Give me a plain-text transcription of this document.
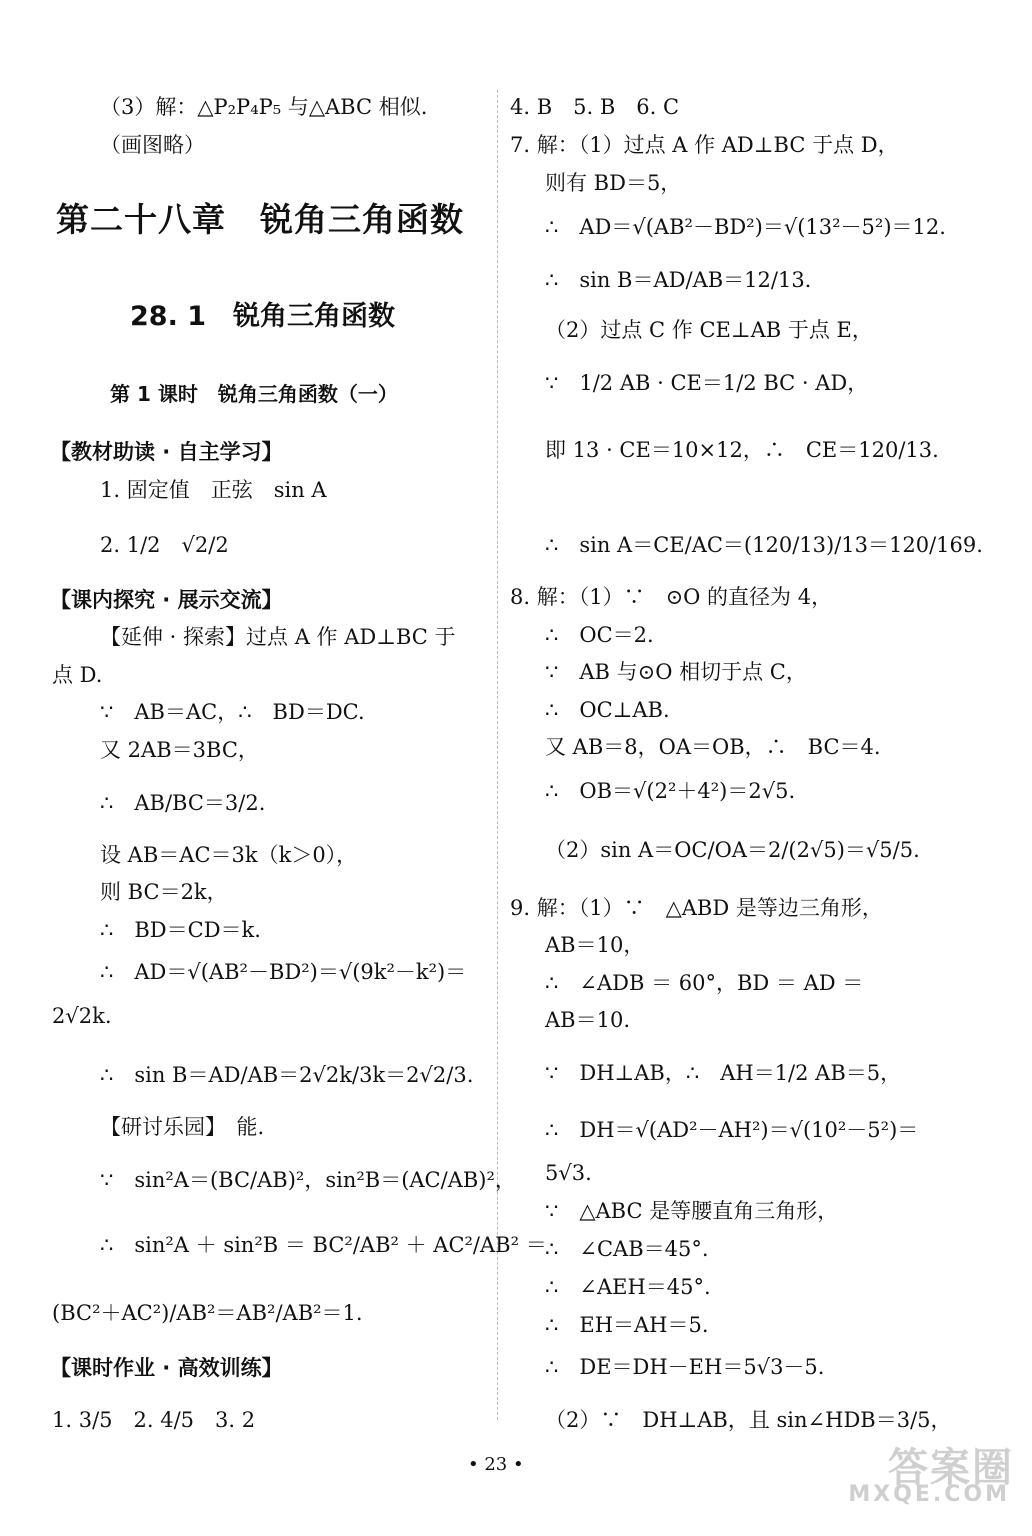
（3）解：△P₂P₄P₅ 与△ABC 相似.
（画图略）
第二十八章　锐角三角函数
28. 1　锐角三角函数
第 1 课时　锐角三角函数（一）
【教材助读 · 自主学习】
1. 固定值　正弦　sin A
2. 1/2　√2/2
【课内探究 · 展示交流】
【延伸 · 探索】过点 A 作 AD⊥BC 于
点 D.
∵　AB＝AC，∴　BD＝DC.
又 2AB＝3BC，
∴　AB/BC＝3/2.
设 AB＝AC＝3k（k＞0），
则 BC＝2k，
∴　BD＝CD＝k.
∴　AD＝√(AB²－BD²)＝√(9k²－k²)＝
2√2k.
∴　sin B＝AD/AB＝2√2k/3k＝2√2/3.
【研讨乐园】　能.
∵　sin²A＝(BC/AB)²，sin²B＝(AC/AB)²，
∴　sin²A ＋ sin²B ＝ BC²/AB² ＋ AC²/AB² ＝
(BC²＋AC²)/AB²＝AB²/AB²＝1.
【课时作业 · 高效训练】
1. 3/5　2. 4/5　3. 2
4. B　5. B　6. C
7. 解：（1）过点 A 作 AD⊥BC 于点 D，
则有 BD＝5，
∴　AD＝√(AB²－BD²)＝√(13²－5²)＝12.
∴　sin B＝AD/AB＝12/13.
（2）过点 C 作 CE⊥AB 于点 E，
∵　1/2 AB · CE＝1/2 BC · AD，
即 13 · CE＝10×12，∴　CE＝120/13.
∴　sin A＝CE/AC＝(120/13)/13＝120/169.
8. 解：（1）∵　⊙O 的直径为 4，
∴　OC＝2.
∵　AB 与⊙O 相切于点 C，
∴　OC⊥AB.
又 AB＝8，OA＝OB，∴　BC＝4.
∴　OB＝√(2²＋4²)＝2√5.
（2）sin A＝OC/OA＝2/(2√5)＝√5/5.
9. 解：（1）∵　△ABD 是等边三角形，
AB＝10，
∴　∠ADB ＝ 60°，BD ＝ AD ＝
AB＝10.
∵　DH⊥AB，∴　AH＝1/2 AB＝5，
∴　DH＝√(AD²－AH²)＝√(10²－5²)＝
5√3.
∵　△ABC 是等腰直角三角形，
∴　∠CAB＝45°.
∴　∠AEH＝45°.
∴　EH＝AH＝5.
∴　DE＝DH－EH＝5√3－5.
（2）∵　DH⊥AB，且 sin∠HDB＝3/5，
• 23 •	答案圈
MXQE.COM
